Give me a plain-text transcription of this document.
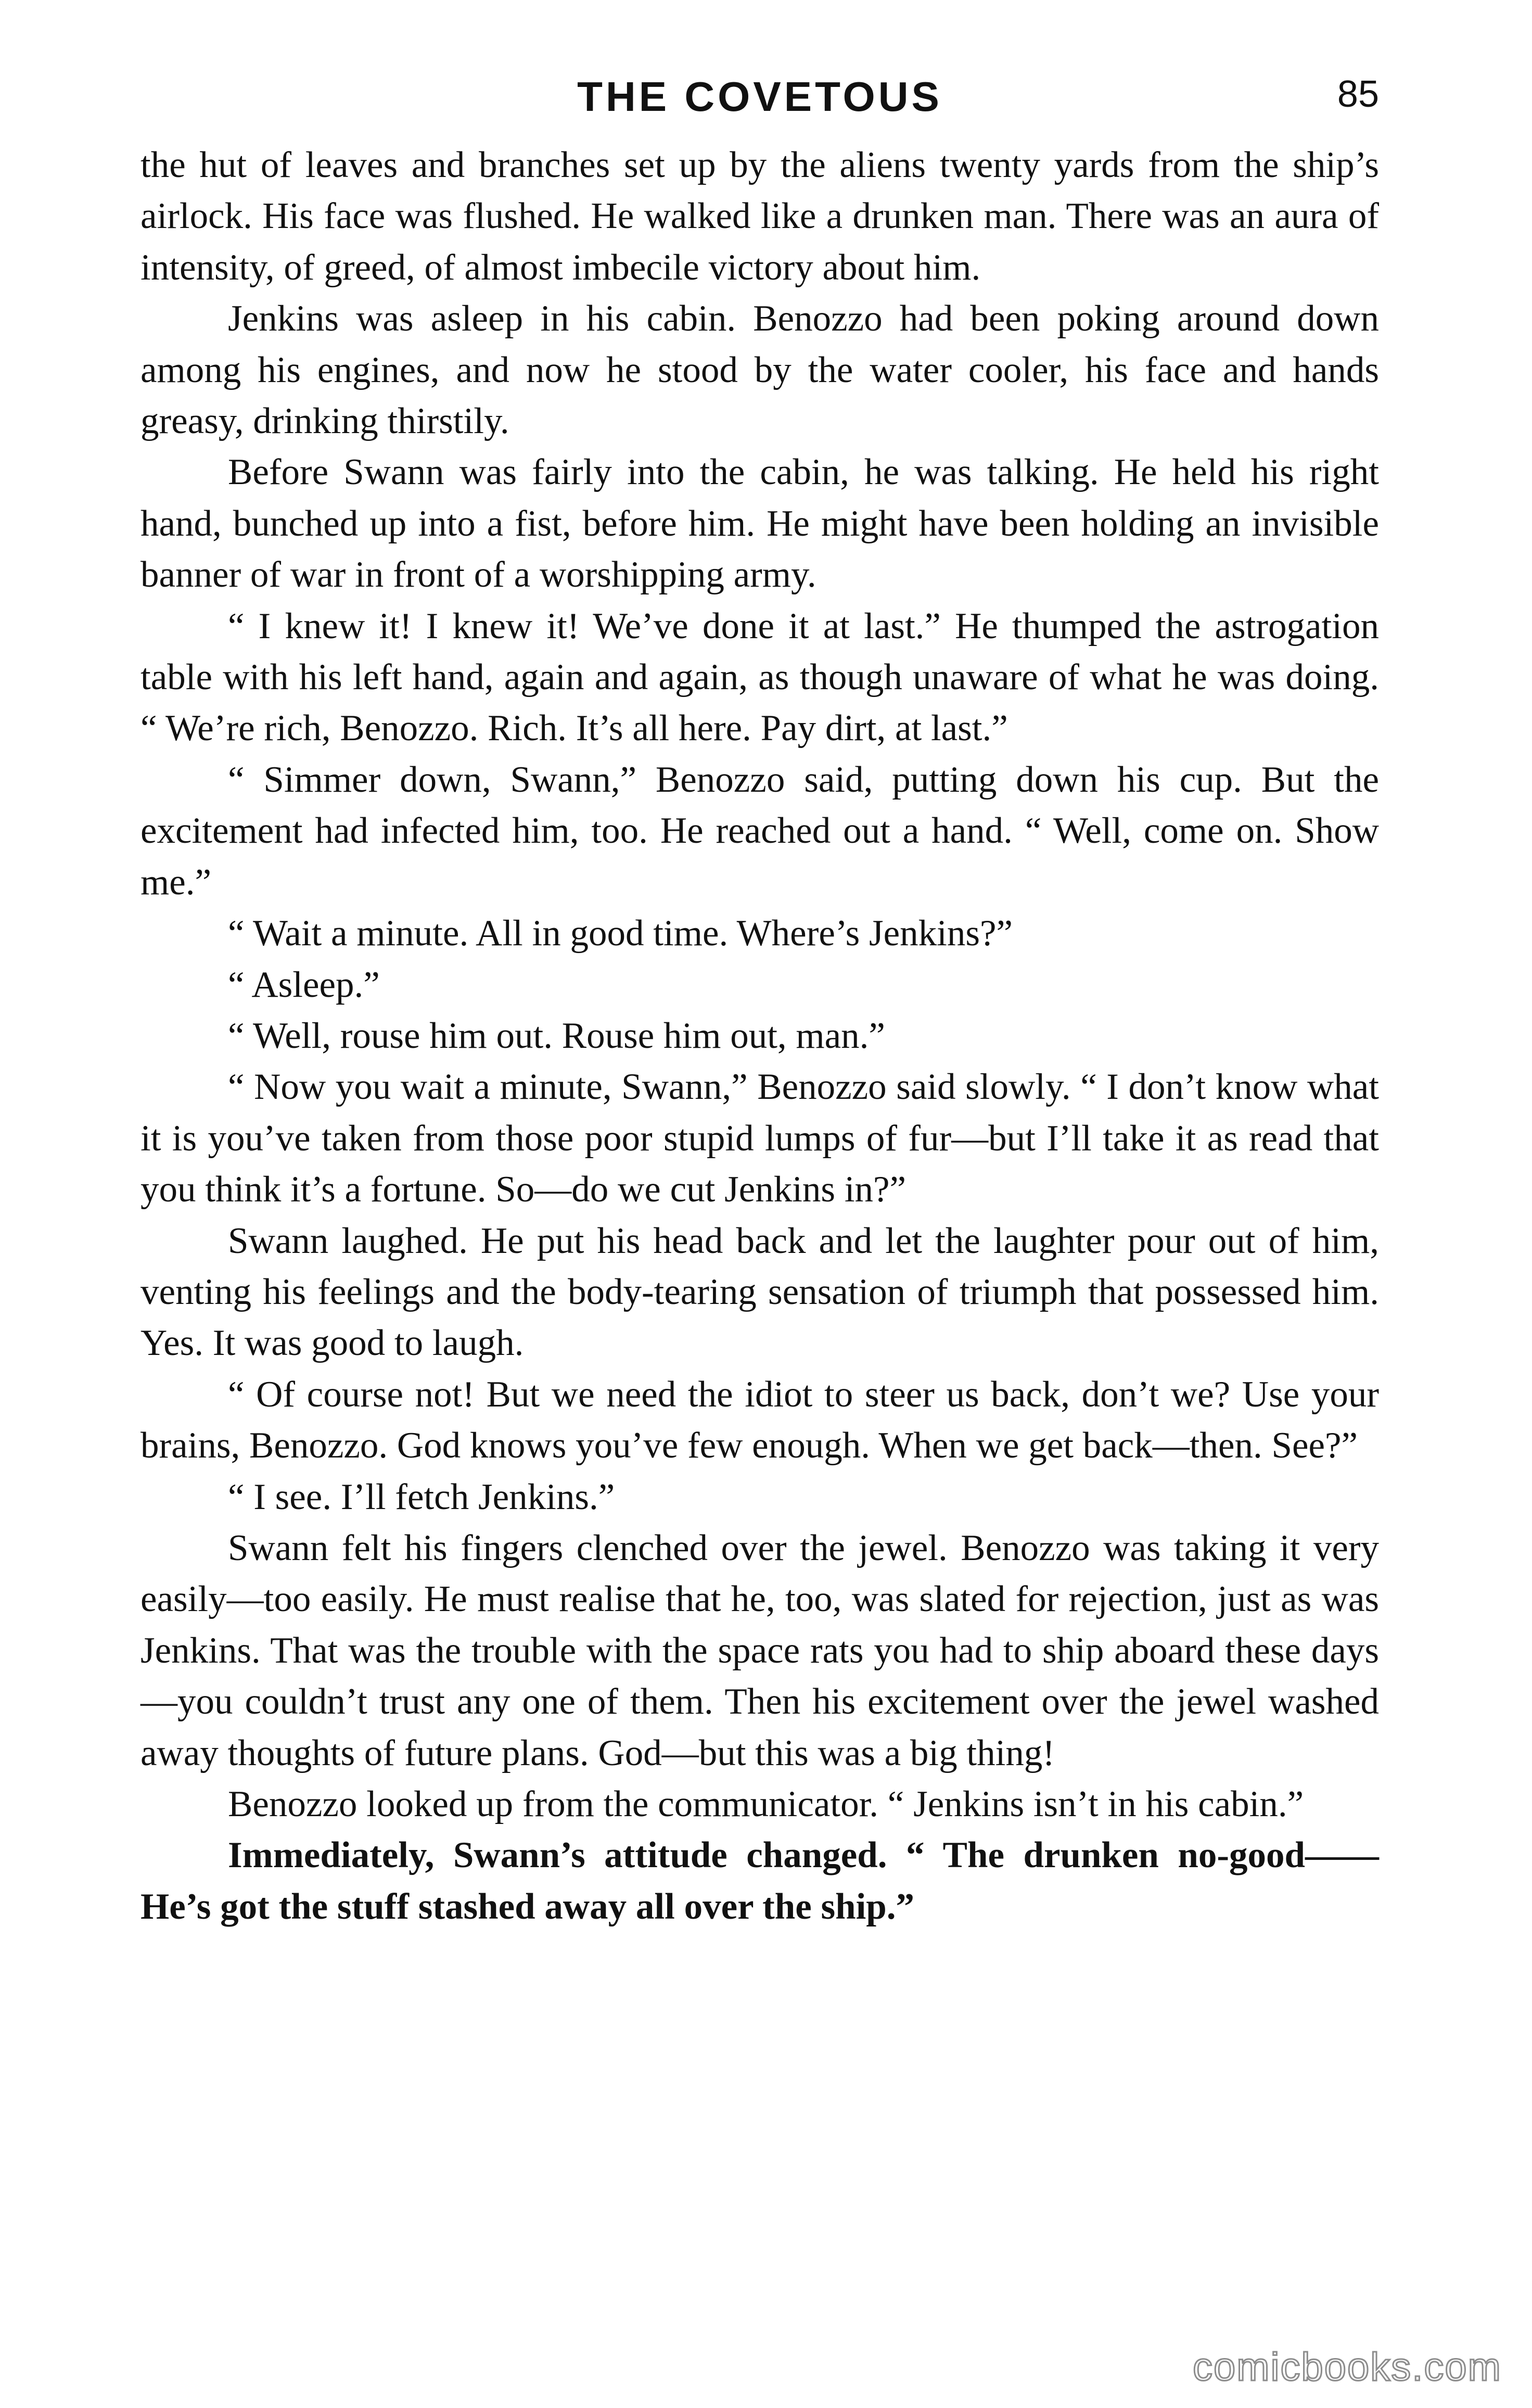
THE COVETOUS	85

the hut of leaves and branches set up by the aliens twenty yards from the ship’s airlock. His face was flushed. He walked like a drunken man. There was an aura of intensity, of greed, of almost imbecile victory about him.

Jenkins was asleep in his cabin. Benozzo had been poking around down among his engines, and now he stood by the water cooler, his face and hands greasy, drinking thirstily.

Before Swann was fairly into the cabin, he was talking. He held his right hand, bunched up into a fist, before him. He might have been holding an invisible banner of war in front of a worshipping army.

“ I knew it! I knew it! We’ve done it at last.” He thumped the astrogation table with his left hand, again and again, as though unaware of what he was doing. “ We’re rich, Benozzo. Rich. It’s all here. Pay dirt, at last.”

“ Simmer down, Swann,” Benozzo said, putting down his cup. But the excitement had infected him, too. He reached out a hand. “ Well, come on. Show me.”

“ Wait a minute. All in good time. Where’s Jenkins?”

“ Asleep.”

“ Well, rouse him out. Rouse him out, man.”

“ Now you wait a minute, Swann,” Benozzo said slowly. “ I don’t know what it is you’ve taken from those poor stupid lumps of fur—but I’ll take it as read that you think it’s a fortune. So—do we cut Jenkins in?”

Swann laughed. He put his head back and let the laughter pour out of him, venting his feelings and the body-tearing sensation of triumph that possessed him. Yes. It was good to laugh.

“ Of course not! But we need the idiot to steer us back, don’t we? Use your brains, Benozzo. God knows you’ve few enough. When we get back—then. See?”

“ I see. I’ll fetch Jenkins.”

Swann felt his fingers clenched over the jewel. Benozzo was taking it very easily—too easily. He must realise that he, too, was slated for rejection, just as was Jenkins. That was the trouble with the space rats you had to ship aboard these days—you couldn’t trust any one of them. Then his excitement over the jewel washed away thoughts of future plans. God—but this was a big thing!

Benozzo looked up from the communicator. “ Jenkins isn’t in his cabin.”

Immediately, Swann’s attitude changed. “ The drunken no-good—— He’s got the stuff stashed away all over the ship.”

comicbooks.com
